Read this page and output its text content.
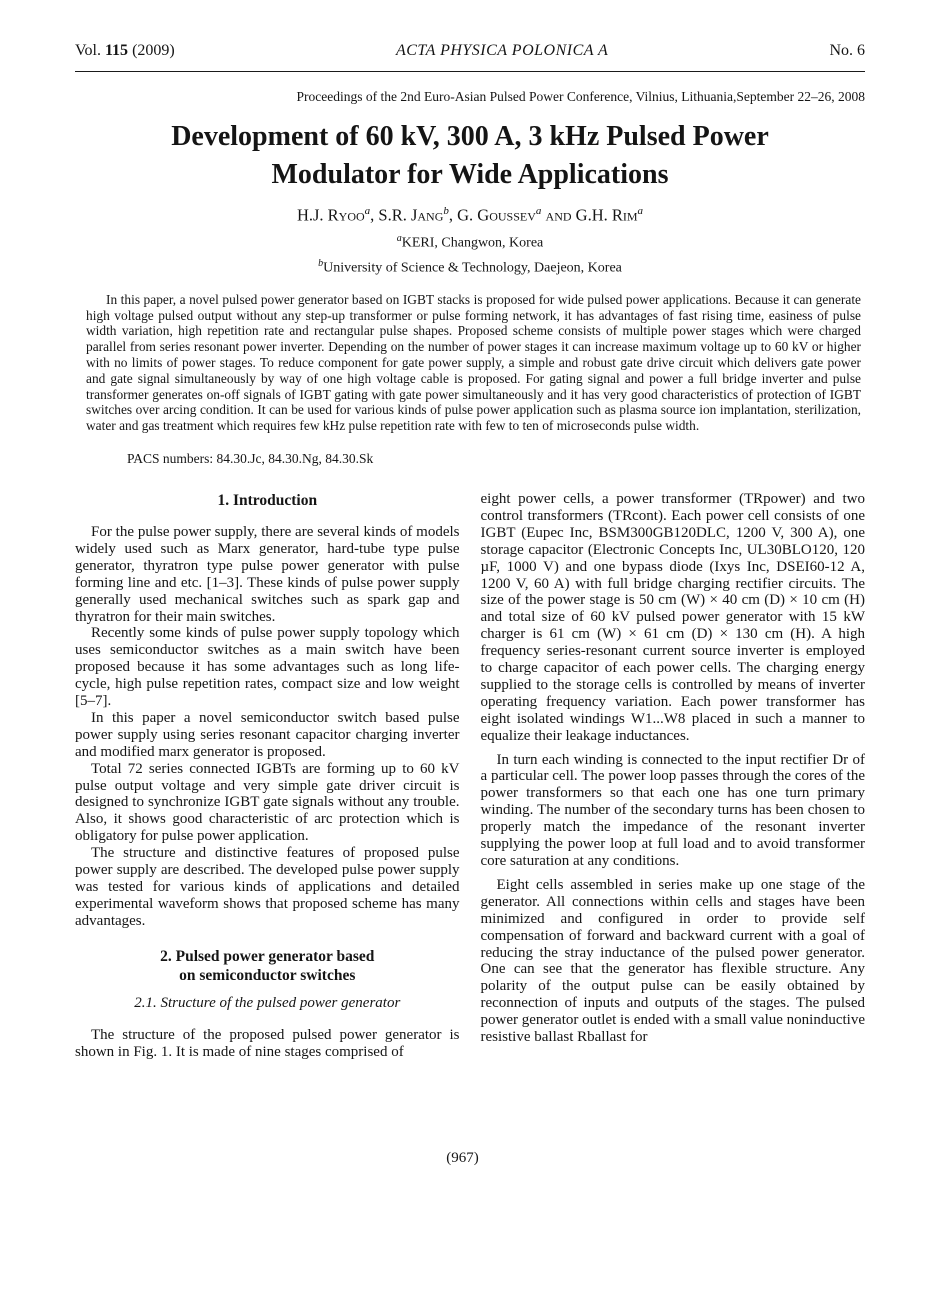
Vol. 115 (2009)	ACTA PHYSICA POLONICA A	No. 6
Proceedings of the 2nd Euro-Asian Pulsed Power Conference, Vilnius, Lithuania,September 22–26, 2008
Development of 60 kV, 300 A, 3 kHz Pulsed Power
Modulator for Wide Applications
H.J. Ryoo$^a$, S.R. Jang$^b$, G. Goussev$^a$ and G.H. Rim$^a$
$^a$KERI, Changwon, Korea
$^b$University of Science & Technology, Daejeon, Korea

In this paper, a novel pulsed power generator based on IGBT stacks is proposed for wide pulsed power applications. Because it can generate high voltage pulsed output without any step-up transformer or pulse forming network, it has advantages of fast rising time, easiness of pulse width variation, high repetition rate and rectangular pulse shapes. Proposed scheme consists of multiple power stages which were charged parallel from series resonant power inverter. Depending on the number of power stages it can increase maximum voltage up to 60 kV or higher with no limits of power stages. To reduce component for gate power supply, a simple and robust gate drive circuit which delivers gate power and gate signal simultaneously by way of one high voltage cable is proposed. For gating signal and power a full bridge inverter and pulse transformer generates on-off signals of IGBT gating with gate power simultaneously and it has very good characteristics of protection of IGBT switches over arcing condition. It can be used for various kinds of pulse power application such as plasma source ion implantation, sterilization, water and gas treatment which requires few kHz pulse repetition rate with few to ten of microseconds pulse width.

PACS numbers: 84.30.Jc, 84.30.Ng, 84.30.Sk
1. Introduction

For the pulse power supply, there are several kinds of models widely used such as Marx generator, hard-tube type pulse generator, thyratron type pulse power generator with pulse forming line and etc. [1–3]. These kinds of pulse power supply generally used mechanical switches such as spark gap and thyratron for their main switches.

Recently some kinds of pulse power supply topology which uses semiconductor switches as a main switch have been proposed because it has some advantages such as long life-cycle, high pulse repetition rates, compact size and low weight [5–7].

In this paper a novel semiconductor switch based pulse power supply using series resonant capacitor charging inverter and modified marx generator is proposed.

Total 72 series connected IGBTs are forming up to 60 kV pulse output voltage and very simple gate driver circuit is designed to synchronize IGBT gate signals without any trouble. Also, it shows good characteristic of arc protection which is obligatory for pulse power application.

The structure and distinctive features of proposed pulse power supply are described. The developed pulse power supply was tested for various kinds of applications and detailed experimental waveform shows that proposed scheme has many advantages.

2. Pulsed power generator based
on semiconductor switches
2.1. Structure of the pulsed power generator

The structure of the proposed pulsed power generator is shown in Fig. 1. It is made of nine stages comprised of

eight power cells, a power transformer (TRpower) and two control transformers (TRcont). Each power cell consists of one IGBT (Eupec Inc, BSM300GB120DLC, 1200 V, 300 A), one storage capacitor (Electronic Concepts Inc, UL30BLO120, 120 µF, 1000 V) and one bypass diode (Ixys Inc, DSEI60-12 A, 1200 V, 60 A) with full bridge charging rectifier circuits. The size of the power stage is 50 cm (W) × 40 cm (D) × 10 cm (H) and total size of 60 kV pulsed power generator with 15 kW charger is 61 cm (W) × 61 cm (D) × 130 cm (H). A high frequency series-resonant current source inverter is employed to charge capacitor of each power cells. The charging energy supplied to the storage cells is controlled by means of inverter operating frequency variation. Each power transformer has eight isolated windings W1...W8 placed in such a manner to equalize their leakage inductances.

In turn each winding is connected to the input rectifier Dr of a particular cell. The power loop passes through the cores of the power transformers so that each one has one turn primary winding. The number of the secondary turns has been chosen to properly match the impedance of the resonant inverter supplying the power loop at full load and to avoid transformer core saturation at any conditions.

Eight cells assembled in series make up one stage of the generator. All connections within cells and stages have been minimized and configured in order to provide self compensation of forward and backward current with a goal of reducing the stray inductance of the pulsed power generator. One can see that the generator has flexible structure. Any polarity of the output pulse can be easily obtained by reconnection of inputs and outputs of the stages. The pulsed power generator outlet is ended with a small value noninductive resistive ballast Rballast for

(967)
